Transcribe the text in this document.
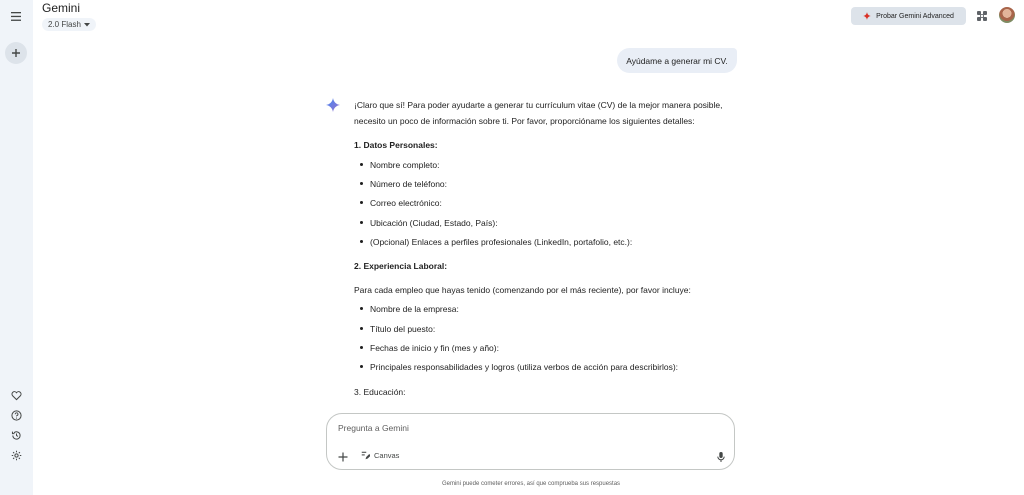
Gemini
2.0 Flash
Probar Gemini Advanced
Ayúdame a generar mi CV.

¡Claro que sí! Para poder ayudarte a generar tu currículum vitae (CV) de la mejor manera posible, necesito un poco de información sobre ti. Por favor, proporcióname los siguientes detalles:

1. Datos Personales:
Nombre completo:
Número de teléfono:
Correo electrónico:
Ubicación (Ciudad, Estado, País):
(Opcional) Enlaces a perfiles profesionales (LinkedIn, portafolio, etc.):
2. Experiencia Laboral:
Para cada empleo que hayas tenido (comenzando por el más reciente), por favor incluye:
Nombre de la empresa:
Título del puesto:
Fechas de inicio y fin (mes y año):
Principales responsabilidades y logros (utiliza verbos de acción para describirlos):
3. Educación:
Pregunta a Gemini
Canvas
Gemini puede cometer errores, así que comprueba sus respuestas
